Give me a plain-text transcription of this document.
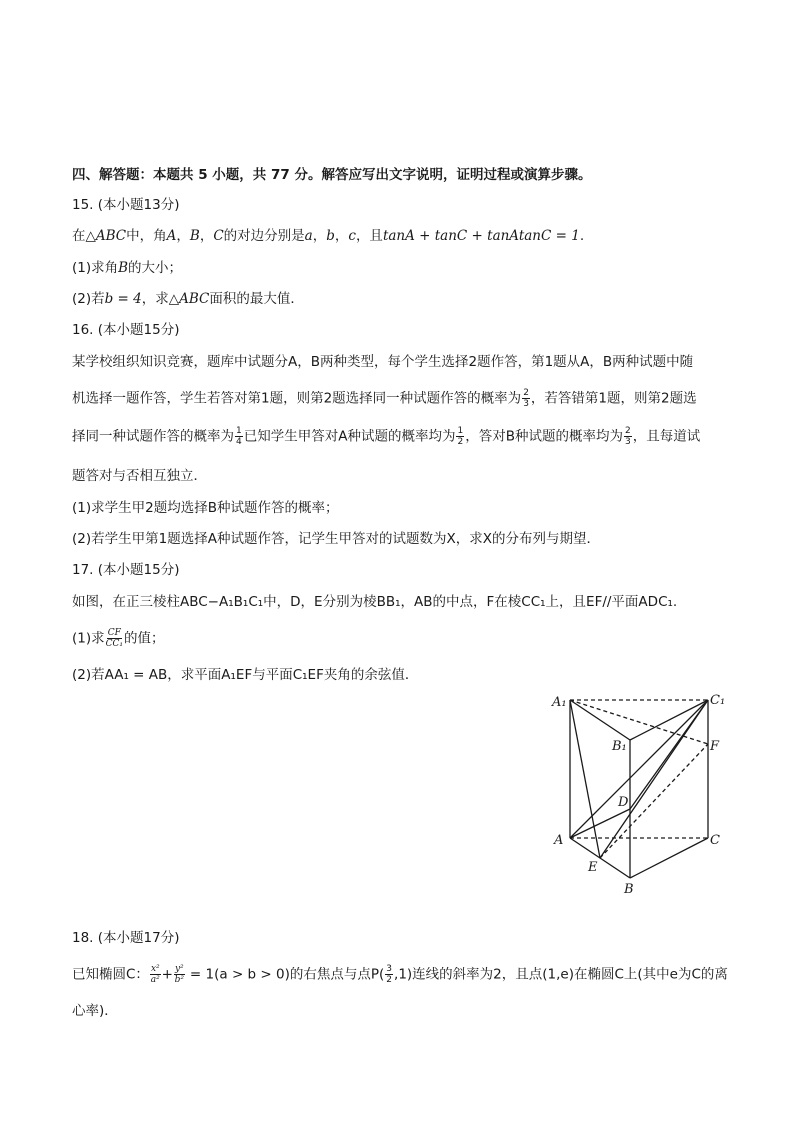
四、解答题：本题共 5 小题，共 77 分。解答应写出文字说明，证明过程或演算步骤。
15. (本小题13分)
在△ABC中，角A，B，C的对边分别是a，b，c，且tanA + tanC + tanAtanC = 1.
(1)求角B的大小；
(2)若b = 4，求△ABC面积的最大值．
16. (本小题15分)
某学校组织知识竞赛，题库中试题分A，B两种类型，每个学生选择2题作答，第1题从A，B两种试题中随
机选择一题作答，学生若答对第1题，则第2题选择同一种试题作答的概率为 $\frac{2}{3}$ ，若答错第1题，则第2题选
择同一种试题作答的概率为 $\frac{1}{4}$ 已知学生甲答对A种试题的概率均为 $\frac{1}{2}$ ，答对B种试题的概率均为 $\frac{2}{3}$ ，且每道试
题答对与否相互独立．
(1)求学生甲2题均选择B种试题作答的概率；
(2)若学生甲第1题选择A种试题作答，记学生甲答对的试题数为X，求X的分布列与期望．
17. (本小题15分)
如图，在正三棱柱ABC−A₁B₁C₁中，D，E分别为棱BB₁，AB的中点，F在棱CC₁上，且EF//平面ADC₁.
(1)求 $\frac{CF}{\text{CC₁}}$ 的值；
(2)若AA₁ = AB，求平面A₁EF与平面C₁EF夹角的余弦值．
A₁
B₁
C₁
A
B
C
D
E
F
18. (本小题17分)
已知椭圆C： $\frac{\text{x²}}{\text{a²}} + \frac{\text{y²}}{\text{b²}} = 1(a > b > 0)$的右焦点与点$P( \frac{3}{2} ,1)$连线的斜率为2，且点(1,e)在椭圆C上(其中e为C的离
心率)．
